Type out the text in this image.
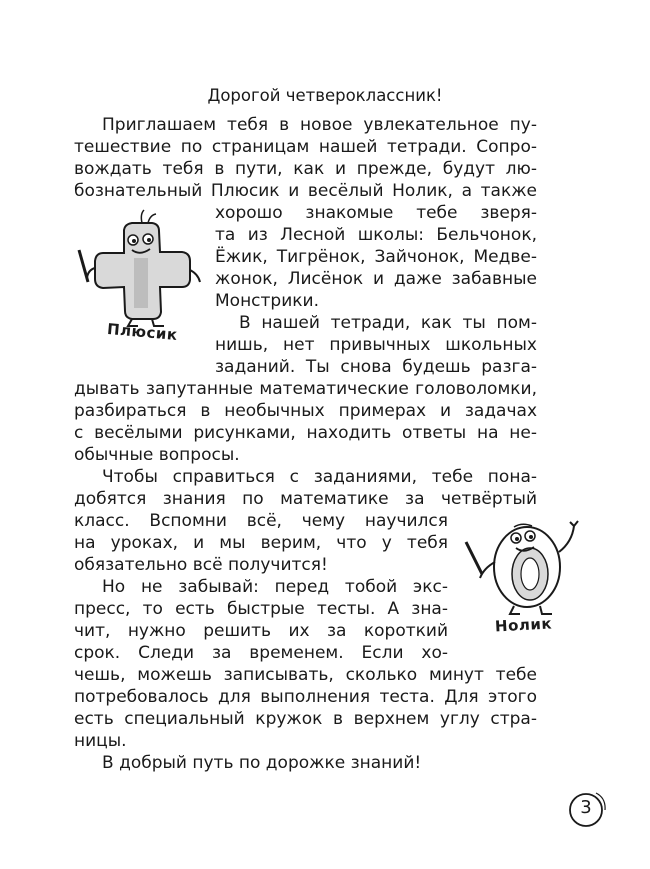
Дорогой четвероклассник!
Приглашаем тебя в новое увлекательное пу-
тешествие по страницам нашей тетради. Сопро-
вождать тебя в пути, как и прежде, будут лю-
бознательный Плюсик и весёлый Нолик, а также
хорошо знакомые тебе зверя-
та из Лесной школы: Бельчонок,
Ёжик, Тигрёнок, Зайчонок, Медве-
жонок, Лисёнок и даже забавные
Монстрики.
В нашей тетради, как ты пом-
нишь, нет привычных школьных
заданий. Ты снова будешь разга-
дывать запутанные математические головоломки,
разбираться в необычных примерах и задачах
с весёлыми рисунками, находить ответы на не-
обычные вопросы.
Чтобы справиться с заданиями, тебе пона-
добятся знания по математике за четвёртый
класс. Вспомни всё, чему научился
на уроках, и мы верим, что у тебя
обязательно всё получится!
Но не забывай: перед тобой экс-
пресс, то есть быстрые тесты. А зна-
чит, нужно решить их за короткий
срок. Следи за временем. Если хо-
чешь, можешь записывать, сколько минут тебе
потребовалось для выполнения теста. Для этого
есть специальный кружок в верхнем углу стра-
ницы.
В добрый путь по дорожке знаний!
Плюсик
Нолик
3
